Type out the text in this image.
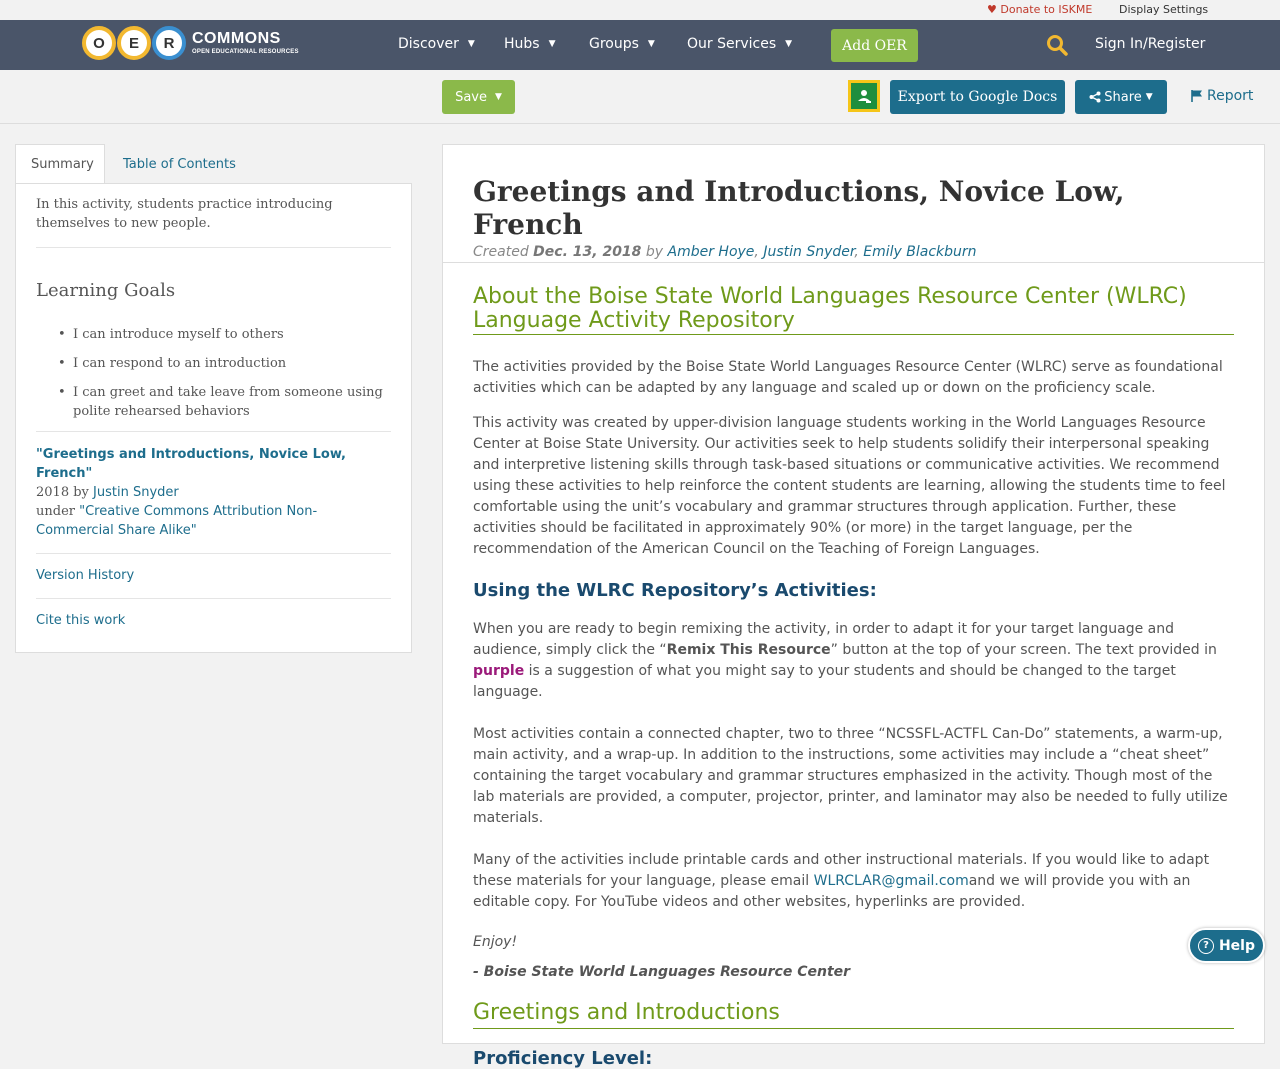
♥ Donate to ISKME Display Settings
O	E	R	COMMONS
OPEN EDUCATIONAL RESOURCES	Discover ▼ Hubs ▼ Groups ▼ Our Services ▼	Add OER	Sign In/Register
Save ▼	Export to Google Docs	Share ▼	Report
Summary	Table of Contents
In this activity, students practice introducing themselves to new people.
Learning Goals
• I can introduce myself to others
• I can respond to an introduction
• I can greet and take leave from someone using polite rehearsed behaviors
"Greetings and Introductions, Novice Low, French"
2018 by Justin Snyder
under "Creative Commons Attribution Non-Commercial Share Alike"
Version History
Cite this work
Greetings and Introductions, Novice Low, French
Created Dec. 13, 2018 by Amber Hoye, Justin Snyder, Emily Blackburn
About the Boise State World Languages Resource Center (WLRC) Language Activity Repository

The activities provided by the Boise State World Languages Resource Center (WLRC) serve as foundational activities which can be adapted by any language and scaled up or down on the proficiency scale.

This activity was created by upper-division language students working in the World Languages Resource Center at Boise State University. Our activities seek to help students solidify their interpersonal speaking and interpretive listening skills through task-based situations or communicative activities. We recommend using these activities to help reinforce the content students are learning, allowing the students time to feel comfortable using the unit’s vocabulary and grammar structures through application. Further, these activities should be facilitated in approximately 90% (or more) in the target language, per the recommendation of the American Council on the Teaching of Foreign Languages.

Using the WLRC Repository’s Activities:

When you are ready to begin remixing the activity, in order to adapt it for your target language and audience, simply click the “Remix This Resource” button at the top of your screen. The text provided in purple is a suggestion of what you might say to your students and should be changed to the target language.

Most activities contain a connected chapter, two to three “NCSSFL-ACTFL Can-Do” statements, a warm-up, main activity, and a wrap-up. In addition to the instructions, some activities may include a “cheat sheet” containing the target vocabulary and grammar structures emphasized in the activity. Though most of the lab materials are provided, a computer, projector, printer, and laminator may also be needed to fully utilize materials.

Many of the activities include printable cards and other instructional materials. If you would like to adapt these materials for your language, please email WLRCLAR@gmail.comand we will provide you with an editable copy. For YouTube videos and other websites, hyperlinks are provided.

Enjoy!

- Boise State World Languages Resource Center

Greetings and Introductions
Proficiency Level:
? Help
